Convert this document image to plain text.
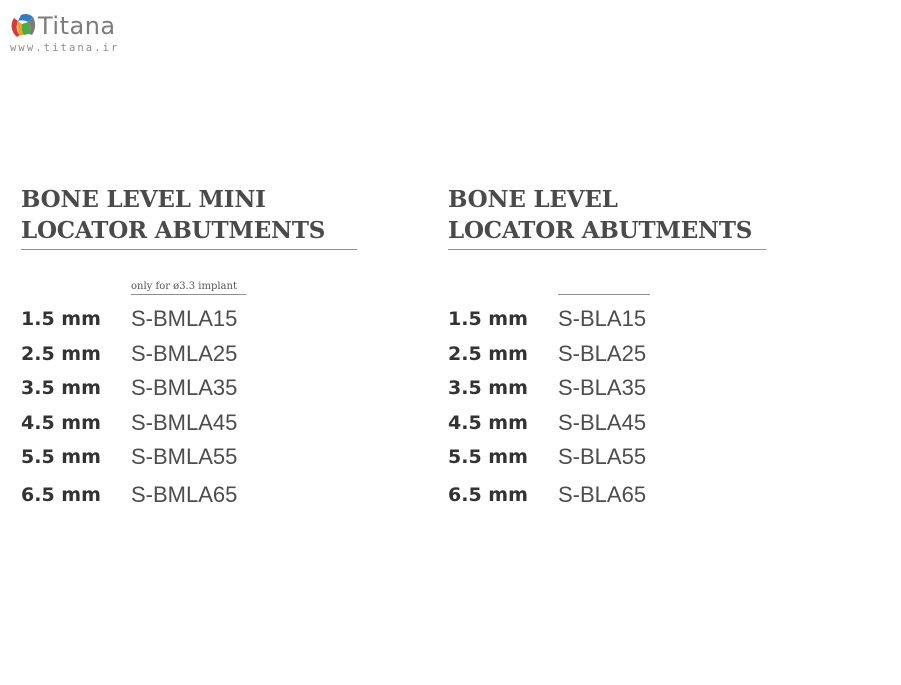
Titana
www.titana.ir
BONE LEVEL MINI
LOCATOR ABUTMENTS
only for ø3.3 implant
1.5 mm S-BMLA15
2.5 mm S-BMLA25
3.5 mm S-BMLA35
4.5 mm S-BMLA45
5.5 mm S-BMLA55
6.5 mm S-BMLA65
BONE LEVEL
LOCATOR ABUTMENTS
1.5 mm S-BLA15
2.5 mm S-BLA25
3.5 mm S-BLA35
4.5 mm S-BLA45
5.5 mm S-BLA55
6.5 mm S-BLA65
